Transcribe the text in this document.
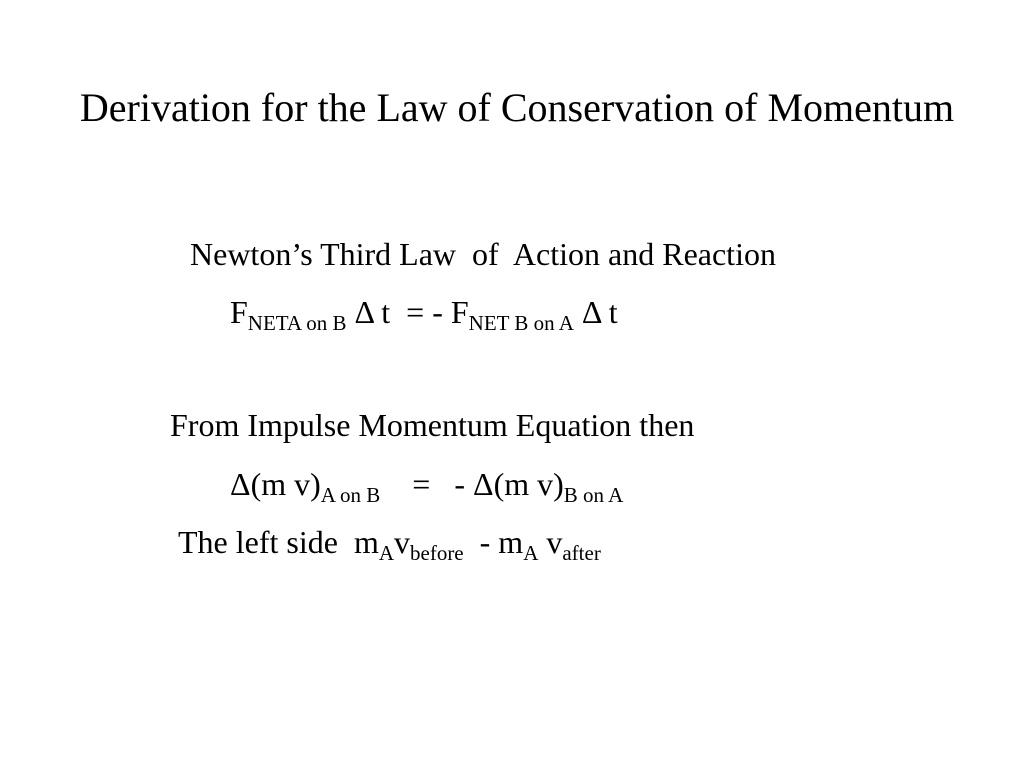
Derivation for the Law of Conservation of Momentum
Newton’s Third Law  of  Action and Reaction
$F_{NETA on B}$ Δ t  = - $F_{NET B on A}$ Δ t
From Impulse Momentum Equation then
Δ(m $v)_{A on B}$    =   - Δ(m $v)_{B on A}$
The left side  $m_Av_{before} - m_A$ $v_{after}$
